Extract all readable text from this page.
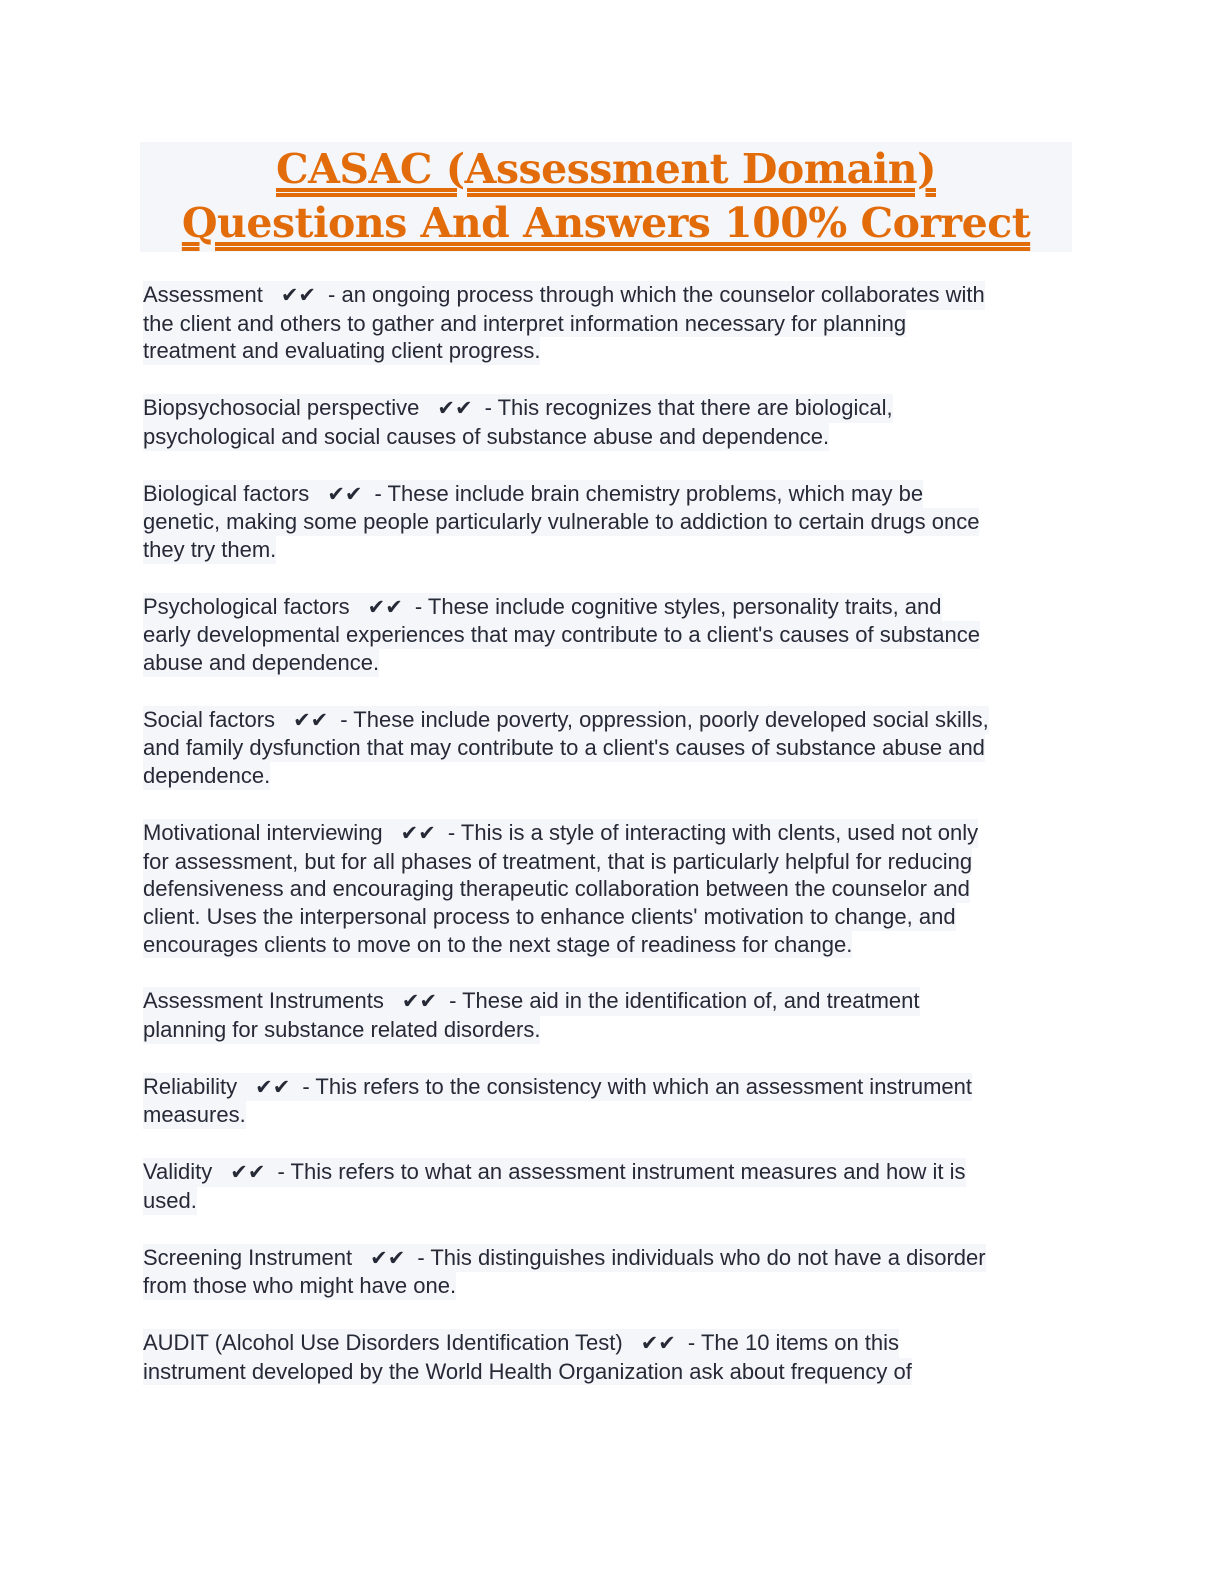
CASAC (Assessment Domain)
Questions And Answers 100% Correct
Assessment ✔✔ - an ongoing process through which the counselor collaborates with
the client and others to gather and interpret information necessary for planning
treatment and evaluating client progress.
Biopsychosocial perspective ✔✔ - This recognizes that there are biological,
psychological and social causes of substance abuse and dependence.
Biological factors ✔✔ - These include brain chemistry problems, which may be
genetic, making some people particularly vulnerable to addiction to certain drugs once
they try them.
Psychological factors ✔✔ - These include cognitive styles, personality traits, and
early developmental experiences that may contribute to a client's causes of substance
abuse and dependence.
Social factors ✔✔ - These include poverty, oppression, poorly developed social skills,
and family dysfunction that may contribute to a client's causes of substance abuse and
dependence.
Motivational interviewing ✔✔ - This is a style of interacting with clents, used not only
for assessment, but for all phases of treatment, that is particularly helpful for reducing
defensiveness and encouraging therapeutic collaboration between the counselor and
client. Uses the interpersonal process to enhance clients' motivation to change, and
encourages clients to move on to the next stage of readiness for change.
Assessment Instruments ✔✔ - These aid in the identification of, and treatment
planning for substance related disorders.
Reliability ✔✔ - This refers to the consistency with which an assessment instrument
measures.
Validity ✔✔ - This refers to what an assessment instrument measures and how it is
used.
Screening Instrument ✔✔ - This distinguishes individuals who do not have a disorder
from those who might have one.
AUDIT (Alcohol Use Disorders Identification Test) ✔✔ - The 10 items on this
instrument developed by the World Health Organization ask about frequency of
